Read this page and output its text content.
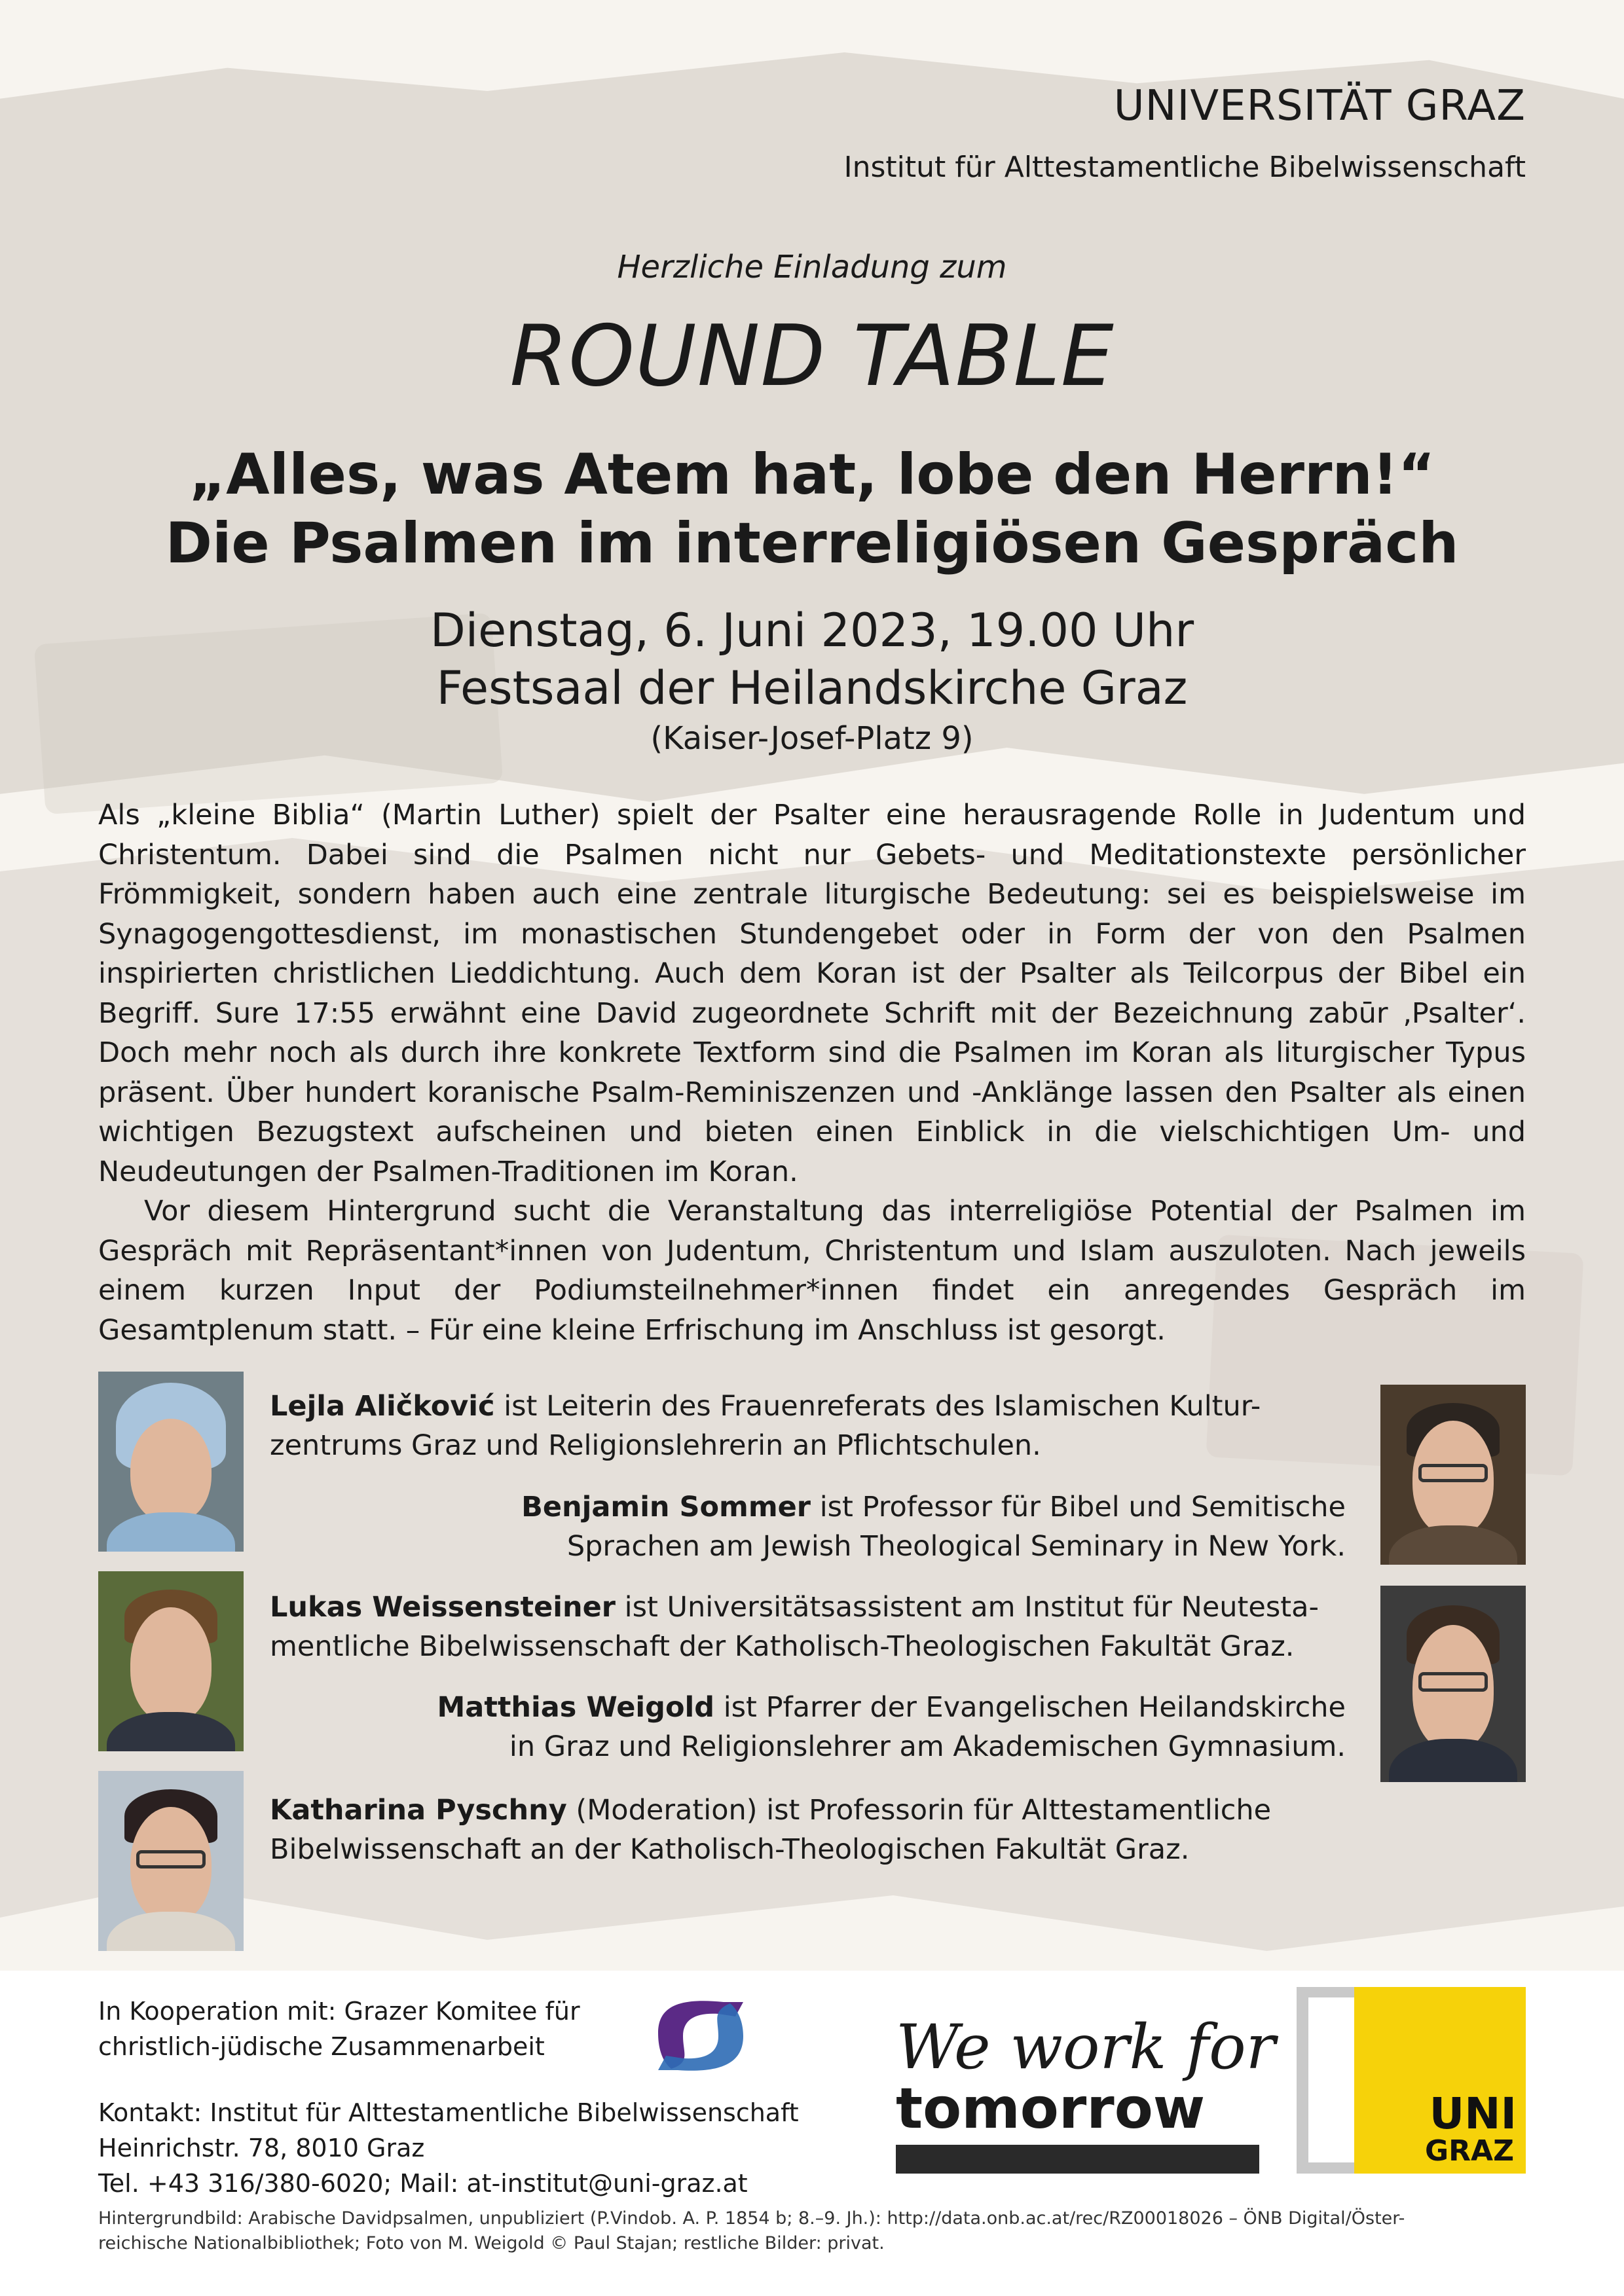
UNIVERSITÄT GRAZ
Institut für Alttestamentliche Bibelwissenschaft
Herzliche Einladung zum
ROUND TABLE
„Alles, was Atem hat, lobe den Herrn!“
Die Psalmen im interreligiösen Gespräch
Dienstag, 6. Juni 2023, 19.00 Uhr
Festsaal der Heilandskirche Graz
(Kaiser-Josef-Platz 9)

Als „kleine Biblia“ (Martin Luther) spielt der Psalter eine herausragende Rolle in Judentum und Christentum. Dabei sind die Psalmen nicht nur Gebets- und Meditationstexte persönlicher Frömmigkeit, sondern haben auch eine zentrale liturgische Bedeutung: sei es beispielsweise im Synagogengottesdienst, im monastischen Stundengebet oder in Form der von den Psalmen inspirierten christlichen Lieddichtung. Auch dem Koran ist der Psalter als Teilcorpus der Bibel ein Begriff. Sure 17:55 erwähnt eine David zugeordnete Schrift mit der Bezeichnung zabūr ‚Psalter‘. Doch mehr noch als durch ihre konkrete Textform sind die Psalmen im Koran als liturgischer Typus präsent. Über hundert koranische Psalm-Reminiszenzen und -Anklänge lassen den Psalter als einen wichtigen Bezugstext aufscheinen und bieten einen Einblick in die vielschichtigen Um- und Neudeutungen der Psalmen-Traditionen im Koran.

Vor diesem Hintergrund sucht die Veranstaltung das interreligiöse Potential der Psalmen im Gespräch mit Repräsentant*innen von Judentum, Christentum und Islam auszuloten. Nach jeweils einem kurzen Input der Podiumsteilnehmer*innen findet ein anregendes Gespräch im Gesamtplenum statt. – Für eine kleine Erfrischung im Anschluss ist gesorgt.

Lejla Aličković ist Leiterin des Frauenreferats des Islamischen Kultur-
zentrums Graz und Religionslehrerin an Pflichtschulen.
Benjamin Sommer ist Professor für Bibel und Semitische
Sprachen am Jewish Theological Seminary in New York.
Lukas Weissensteiner ist Universitätsassistent am Institut für Neutesta-
mentliche Bibelwissenschaft der Katholisch-Theologischen Fakultät Graz.
Matthias Weigold ist Pfarrer der Evangelischen Heilandskirche
in Graz und Religionslehrer am Akademischen Gymnasium.
Katharina Pyschny (Moderation) ist Professorin für Alttestamentliche
Bibelwissenschaft an der Katholisch-Theologischen Fakultät Graz.
In Kooperation mit: Grazer Komitee für
christlich-jüdische Zusammenarbeit
Kontakt: Institut für Alttestamentliche Bibelwissenschaft
Heinrichstr. 78, 8010 Graz
Tel. +43 316/380-6020; Mail: at-institut@uni-graz.at
We work for
tomorrow	UNI
GRAZ
Hintergrundbild: Arabische Davidpsalmen, unpubliziert (P.Vindob. A. P. 1854 b; 8.–9. Jh.): http://data.onb.ac.at/rec/RZ00018026 – ÖNB Digital/Öster-
reichische Nationalbibliothek; Foto von M. Weigold © Paul Stajan; restliche Bilder: privat.
